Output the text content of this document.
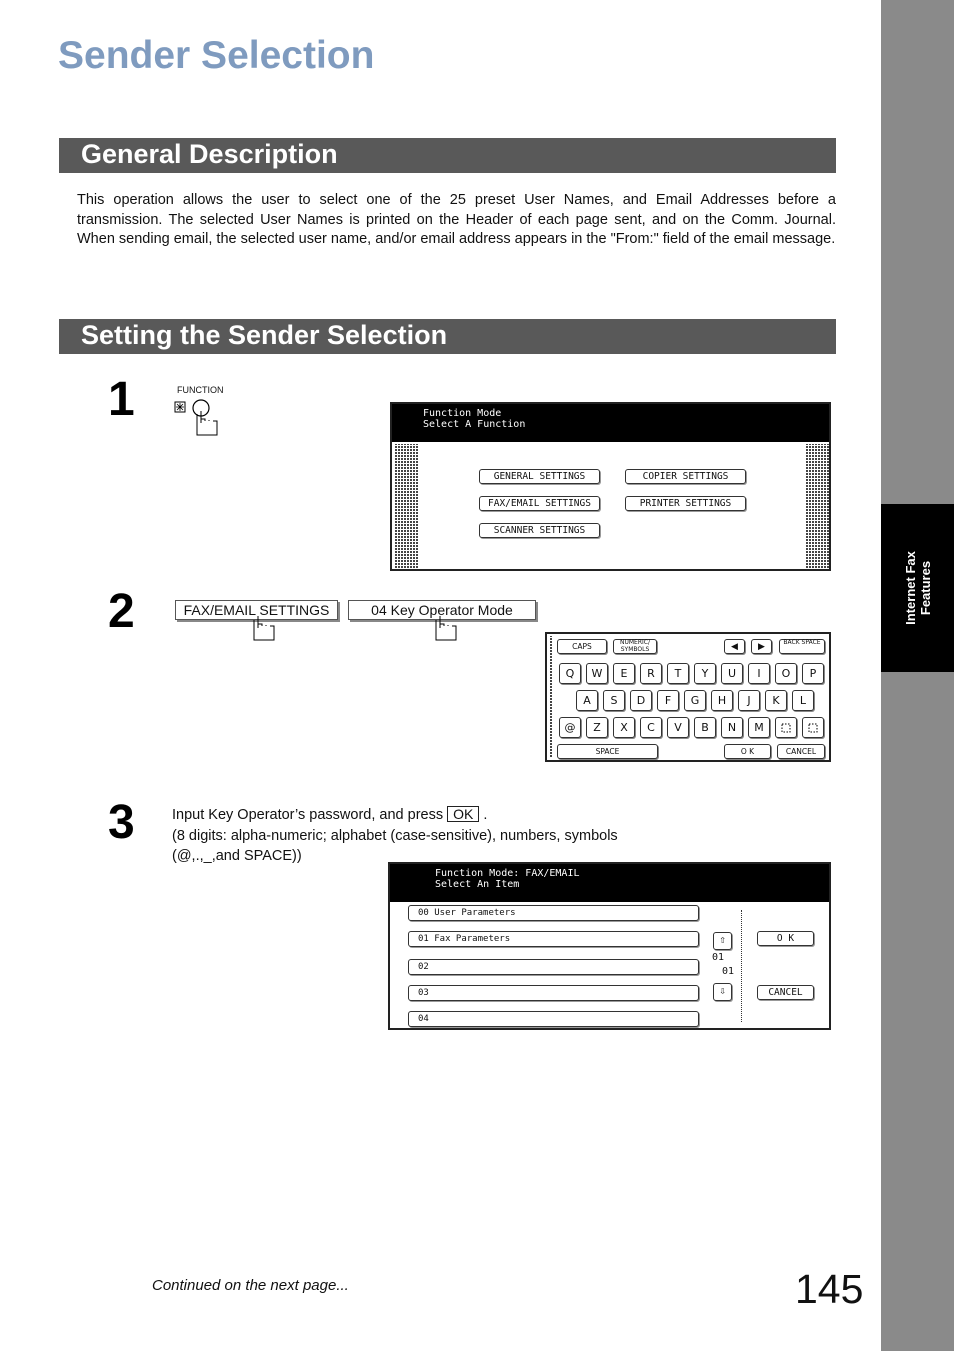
Internet Fax Features
Sender Selection
General Description

This operation allows the user to select one of the 25 preset User Names, and Email Addresses before a transmission. The selected User Names is printed on the Header of each page sent, and on the Comm. Journal. When sending email, the selected user name, and/or email address appears in the "From:" field of the email message.

Setting the Sender Selection
1	FUNCTION
Function Mode
Select A Function
GENERAL SETTINGS	COPIER SETTINGS
FAX/EMAIL SETTINGS	PRINTER SETTINGS
SCANNER SETTINGS
2	FAX/EMAIL SETTINGS	04 Key Operator Mode
CAPS	NUMERIC/ SYMBOLS	◀	▶	BACK SPACE
Q	W	E	R	T	Y	U	I	O	P
A	S	D	F	G	H	J	K	L
@	Z	X	C	V	B	N	M
SPACE	O K	CANCEL
3	Input Key Operator’s password, and press OK .
(8 digits: alpha-numeric; alphabet (case-sensitive), numbers, symbols
(@,.,_,and SPACE))
Function Mode: FAX/EMAIL
Select An Item
00 User Parameters
01 Fax Parameters
02
03
04
⇧
01
01
⇩
O K
CANCEL
Continued on the next page...	145
